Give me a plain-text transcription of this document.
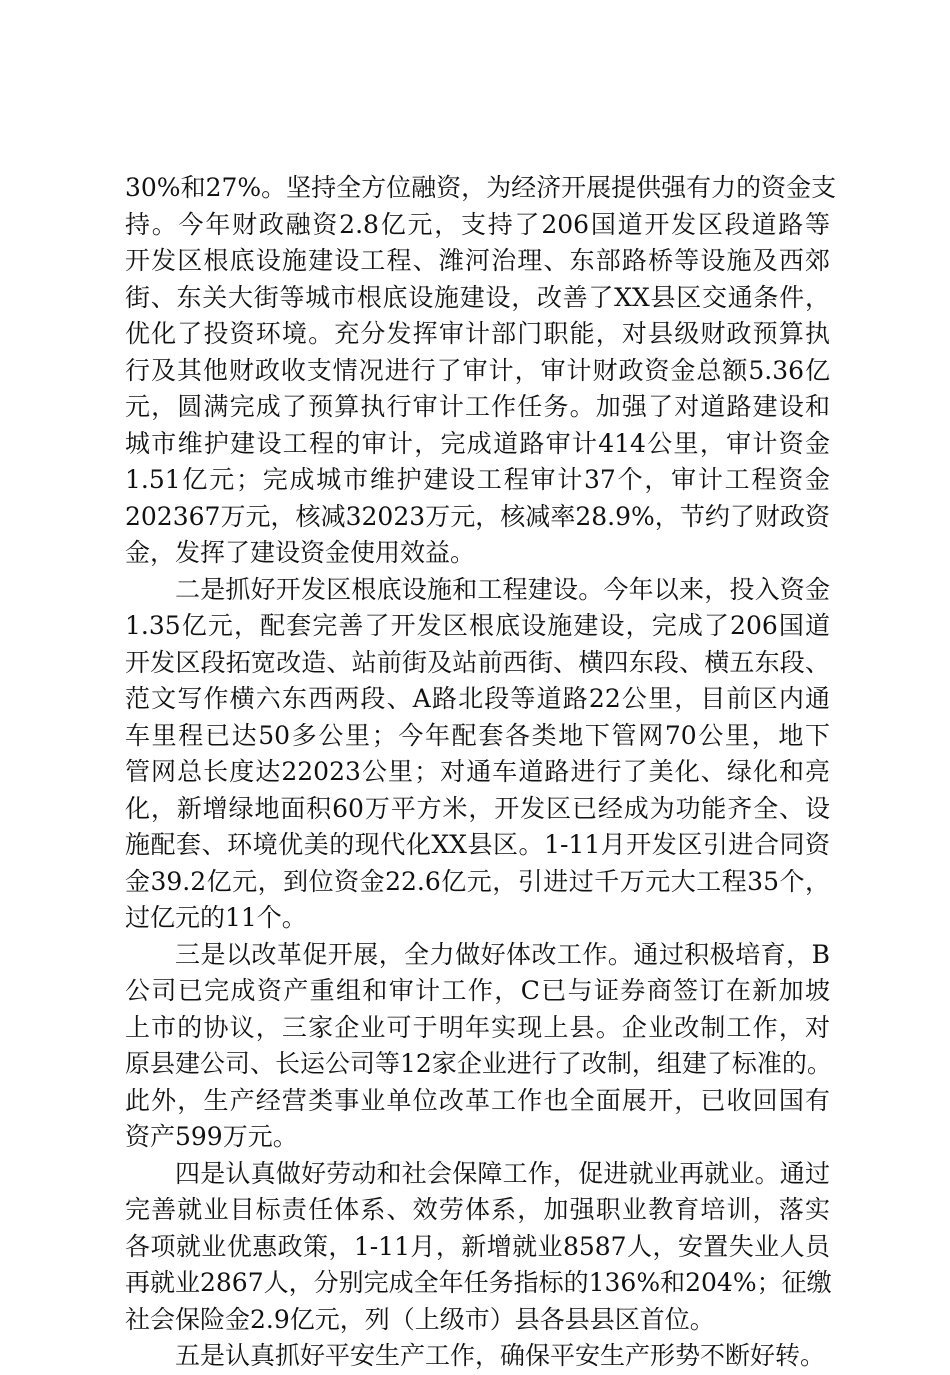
30%和27%。坚持全方位融资，为经济开展提供强有力的资金支
持。今年财政融资2.8亿元，支持了206国道开发区段道路等
开发区根底设施建设工程、潍河治理、东部路桥等设施及西郊
街、东关大街等城市根底设施建设，改善了XX县区交通条件，
优化了投资环境。充分发挥审计部门职能，对县级财政预算执
行及其他财政收支情况进行了审计，审计财政资金总额5.36亿
元，圆满完成了预算执行审计工作任务。加强了对道路建设和
城市维护建设工程的审计，完成道路审计414公里，审计资金
1.51亿元；完成城市维护建设工程审计37个，审计工程资金
202367万元，核减32023万元，核减率28.9%，节约了财政资
金，发挥了建设资金使用效益。
二是抓好开发区根底设施和工程建设。今年以来，投入资金
1.35亿元，配套完善了开发区根底设施建设，完成了206国道
开发区段拓宽改造、站前街及站前西街、横四东段、横五东段、
范文写作横六东西两段、A路北段等道路22公里，目前区内通
车里程已达50多公里；今年配套各类地下管网70公里，地下
管网总长度达22023公里；对通车道路进行了美化、绿化和亮
化，新增绿地面积60万平方米，开发区已经成为功能齐全、设
施配套、环境优美的现代化XX县区。1-11月开发区引进合同资
金39.2亿元，到位资金22.6亿元，引进过千万元大工程35个，
过亿元的11个。
三是以改革促开展，全力做好体改工作。通过积极培育，B
公司已完成资产重组和审计工作，C已与证券商签订在新加坡
上市的协议，三家企业可于明年实现上县。企业改制工作，对
原县建公司、长运公司等12家企业进行了改制，组建了标准的。
此外，生产经营类事业单位改革工作也全面展开，已收回国有
资产599万元。
四是认真做好劳动和社会保障工作，促进就业再就业。通过
完善就业目标责任体系、效劳体系，加强职业教育培训，落实
各项就业优惠政策，1-11月，新增就业8587人，安置失业人员
再就业2867人，分别完成全年任务指标的136%和204%；征缴
社会保险金2.9亿元，列（上级市）县各县县区首位。
五是认真抓好平安生产工作，确保平安生产形势不断好转。
